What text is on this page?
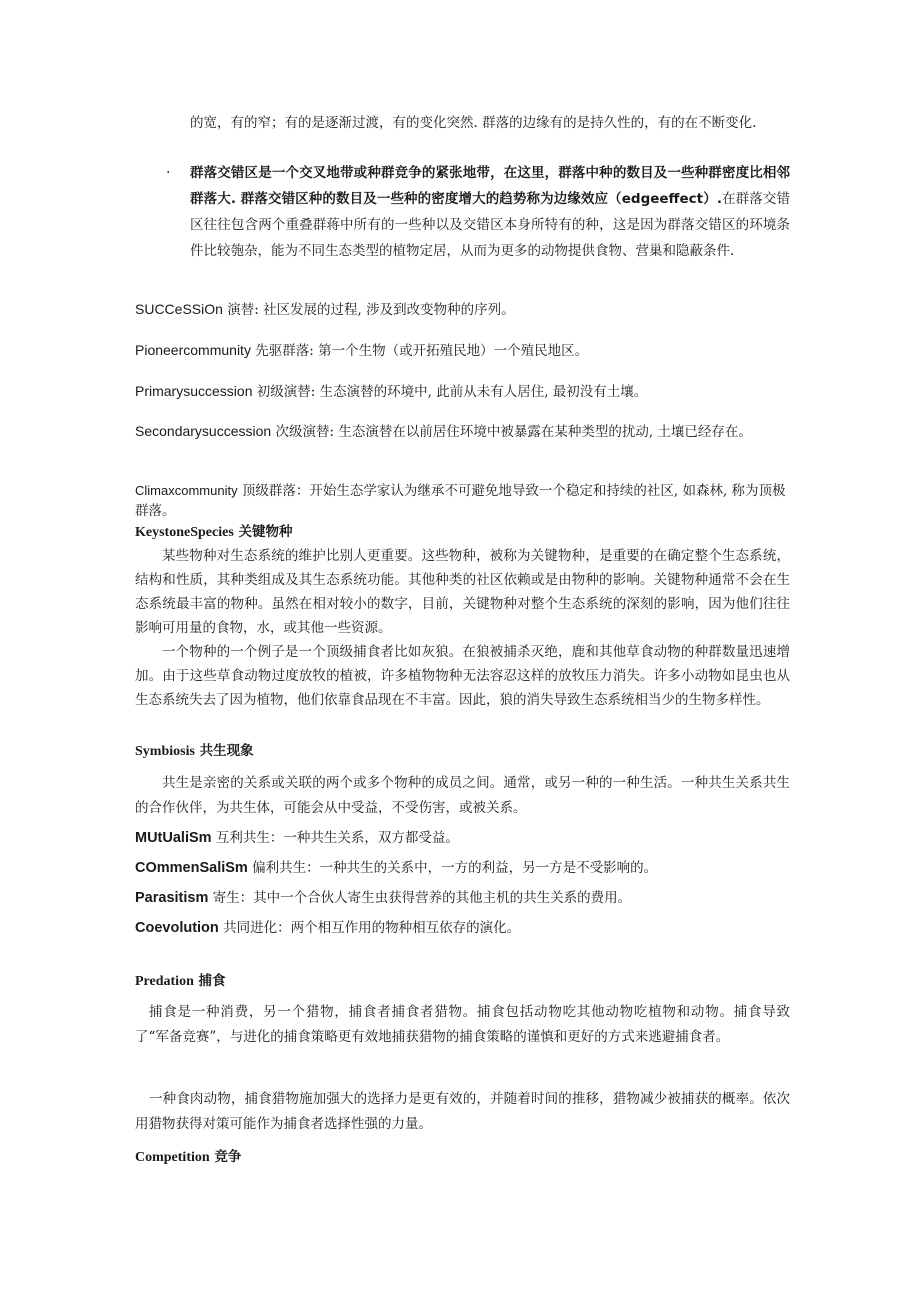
的宽，有的窄；有的是逐渐过渡，有的变化突然. 群落的边缘有的是持久性的，有的在不断变化.
· 群落交错区是一个交叉地带或种群竞争的紧张地带，在这里，群落中种的数目及一些种群密度比相邻群落大. 群落交错区种的数目及一些种的密度增大的趋势称为边缘效应（edgeeffect）.在群落交错区往往包含两个重叠群蒋中所有的一些种以及交错区本身所特有的种，这是因为群落交错区的环境条件比较匏杂，能为不同生态类型的植物定居，从而为更多的动物提供食物、营巢和隐蔽条件.
SUCCeSSiOn 演替: 社区发展的过程, 涉及到改变物种的序列。
Pioneercommunity 先驱群落: 第一个生物（或开拓殖民地）一个殖民地区。
Primarysuccession 初级演替: 生态演替的环境中, 此前从未有人居住, 最初没有土壤。
Secondarysuccession 次级演替: 生态演替在以前居住环境中被暴露在某种类型的扰动, 土壤已经存在。
Climaxcommunity 顶级群落：开始生态学家认为继承不可避免地导致一个稳定和持续的社区, 如森林, 称为顶极群落。
KeystoneSpecies 关键物种
某些物种对生态系统的维护比别人更重要。这些物种，被称为关键物种，是重要的在确定整个生态系统，结构和性质，其种类组成及其生态系统功能。其他种类的社区依赖或是由物种的影响。关键物种通常不会在生态系统最丰富的物种。虽然在相对较小的数字，目前，关键物种对整个生态系统的深刻的影响，因为他们往往影响可用量的食物，水，或其他一些资源。
一个物种的一个例子是一个顶级捕食者比如灰狼。在狼被捕杀灭绝，鹿和其他草食动物的种群数量迅速增加。由于这些草食动物过度放牧的植被，许多植物物种无法容忍这样的放牧压力消失。许多小动物如昆虫也从生态系统失去了因为植物，他们依靠食品现在不丰富。因此，狼的消失导致生态系统相当少的生物多样性。
Symbiosis 共生现象
共生是亲密的关系或关联的两个或多个物种的成员之间。通常，或另一种的一种生活。一种共生关系共生的合作伙伴，为共生体，可能会从中受益，不受伤害，或被关系。
MUtUaliSm 互利共生：一种共生关系，双方都受益。
COmmenSaliSm 偏利共生：一种共生的关系中，一方的利益，另一方是不受影响的。
Parasitism 寄生：其中一个合伙人寄生虫获得营养的其他主机的共生关系的费用。
Coevolution 共同进化：两个相互作用的物种相互依存的演化。
Predation 捕食
捕食是一种消费，另一个猎物，捕食者捕食者猎物。捕食包括动物吃其他动物吃植物和动物。捕食导致了“军备竞赛”，与进化的捕食策略更有效地捕获猎物的捕食策略的谨慎和更好的方式来逃避捕食者。
一种食肉动物，捕食猎物施加强大的选择力是更有效的，并随着时间的推移，猎物减少被捕获的概率。依次用猎物获得对策可能作为捕食者选择性强的力量。
Competition 竞争
